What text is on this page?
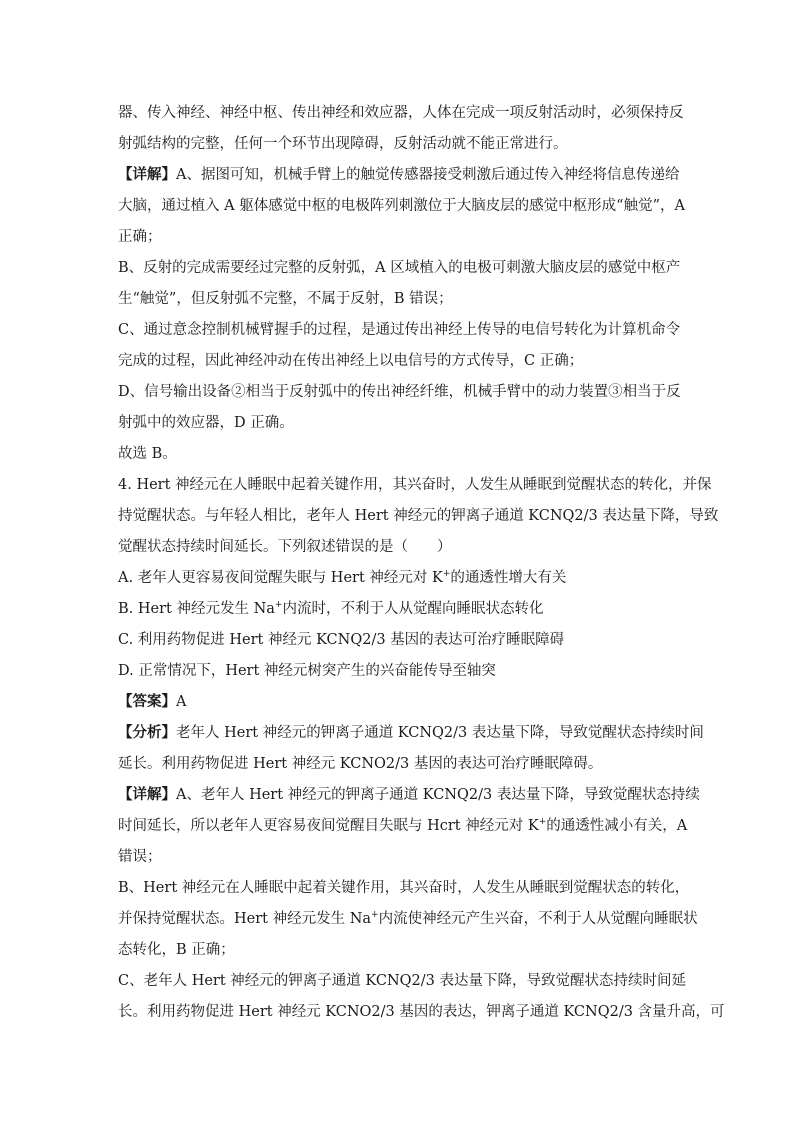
器、传入神经、神经中枢、传出神经和效应器，人体在完成一项反射活动时，必须保持反
射弧结构的完整，任何一个环节出现障碍，反射活动就不能正常进行。
【详解】A、据图可知，机械手臂上的触觉传感器接受刺激后通过传入神经将信息传递给
大脑，通过植入 A 躯体感觉中枢的电极阵列刺激位于大脑皮层的感觉中枢形成“触觉”，A
正确；
B、反射的完成需要经过完整的反射弧，A 区域植入的电极可刺激大脑皮层的感觉中枢产
生“触觉”，但反射弧不完整，不属于反射，B 错误；
C、通过意念控制机械臂握手的过程，是通过传出神经上传导的电信号转化为计算机命令
完成的过程，因此神经冲动在传出神经上以电信号的方式传导，C 正确；
D、信号输出设备②相当于反射弧中的传出神经纤维，机械手臂中的动力装置③相当于反
射弧中的效应器，D 正确。
故选 B。
4. Hert 神经元在人睡眠中起着关键作用，其兴奋时，人发生从睡眠到觉醒状态的转化，并保
持觉醒状态。与年轻人相比，老年人 Hert 神经元的钾离子通道 KCNQ2/3 表达量下降，导致
觉醒状态持续时间延长。下列叙述错误的是（　　）
A. 老年人更容易夜间觉醒失眠与 Hert 神经元对 K+的通透性增大有关
B. Hert 神经元发生 Na+内流时，不利于人从觉醒向睡眠状态转化
C. 利用药物促进 Hert 神经元 KCNQ2/3 基因的表达可治疗睡眠障碍
D. 正常情况下，Hert 神经元树突产生的兴奋能传导至轴突
【答案】A
【分析】老年人 Hert 神经元的钾离子通道 KCNQ2/3 表达量下降，导致觉醒状态持续时间
延长。利用药物促进 Hert 神经元 KCNO2/3 基因的表达可治疗睡眠障碍。
【详解】A、老年人 Hert 神经元的钾离子通道 KCNQ2/3 表达量下降，导致觉醒状态持续
时间延长，所以老年人更容易夜间觉醒目失眠与 Hcrt 神经元对 K+的通透性减小有关，A
错误；
B、Hert 神经元在人睡眠中起着关键作用，其兴奋时，人发生从睡眠到觉醒状态的转化，
并保持觉醒状态。Hert 神经元发生 Na+内流使神经元产生兴奋，不利于人从觉醒向睡眠状
态转化，B 正确；
C、老年人 Hert 神经元的钾离子通道 KCNQ2/3 表达量下降，导致觉醒状态持续时间延
长。利用药物促进 Hert 神经元 KCNO2/3 基因的表达，钾离子通道 KCNQ2/3 含量升高，可
